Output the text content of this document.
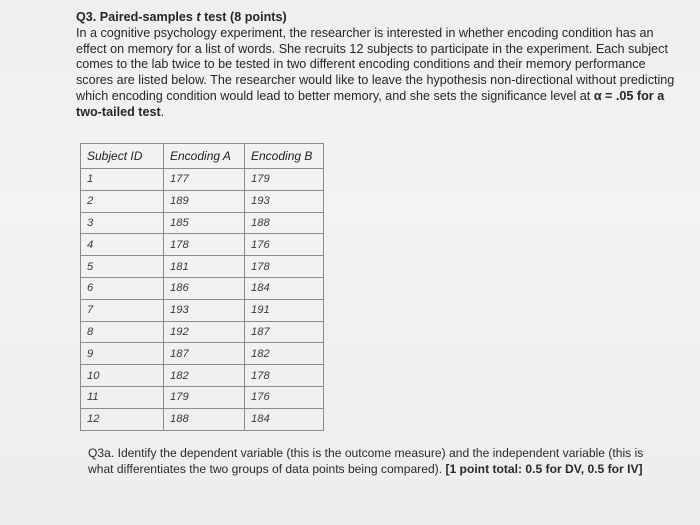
Q3. Paired-samples t test (8 points)

In a cognitive psychology experiment, the researcher is interested in whether encoding condition has an effect on memory for a list of words. She recruits 12 subjects to participate in the experiment. Each subject comes to the lab twice to be tested in two different encoding conditions and their memory performance scores are listed below. The researcher would like to leave the hypothesis non-directional without predicting which encoding condition would lead to better memory, and she sets the significance level at α = .05 for a two-tailed test.

Subject ID	Encoding A	Encoding B
1	177	179
2	189	193
3	185	188
4	178	176
5	181	178
6	186	184
7	193	191
8	192	187
9	187	182
10	182	178
11	179	176
12	188	184
Q3a. Identify the dependent variable (this is the outcome measure) and the independent variable (this is what differentiates the two groups of data points being compared). [1 point total: 0.5 for DV, 0.5 for IV]
